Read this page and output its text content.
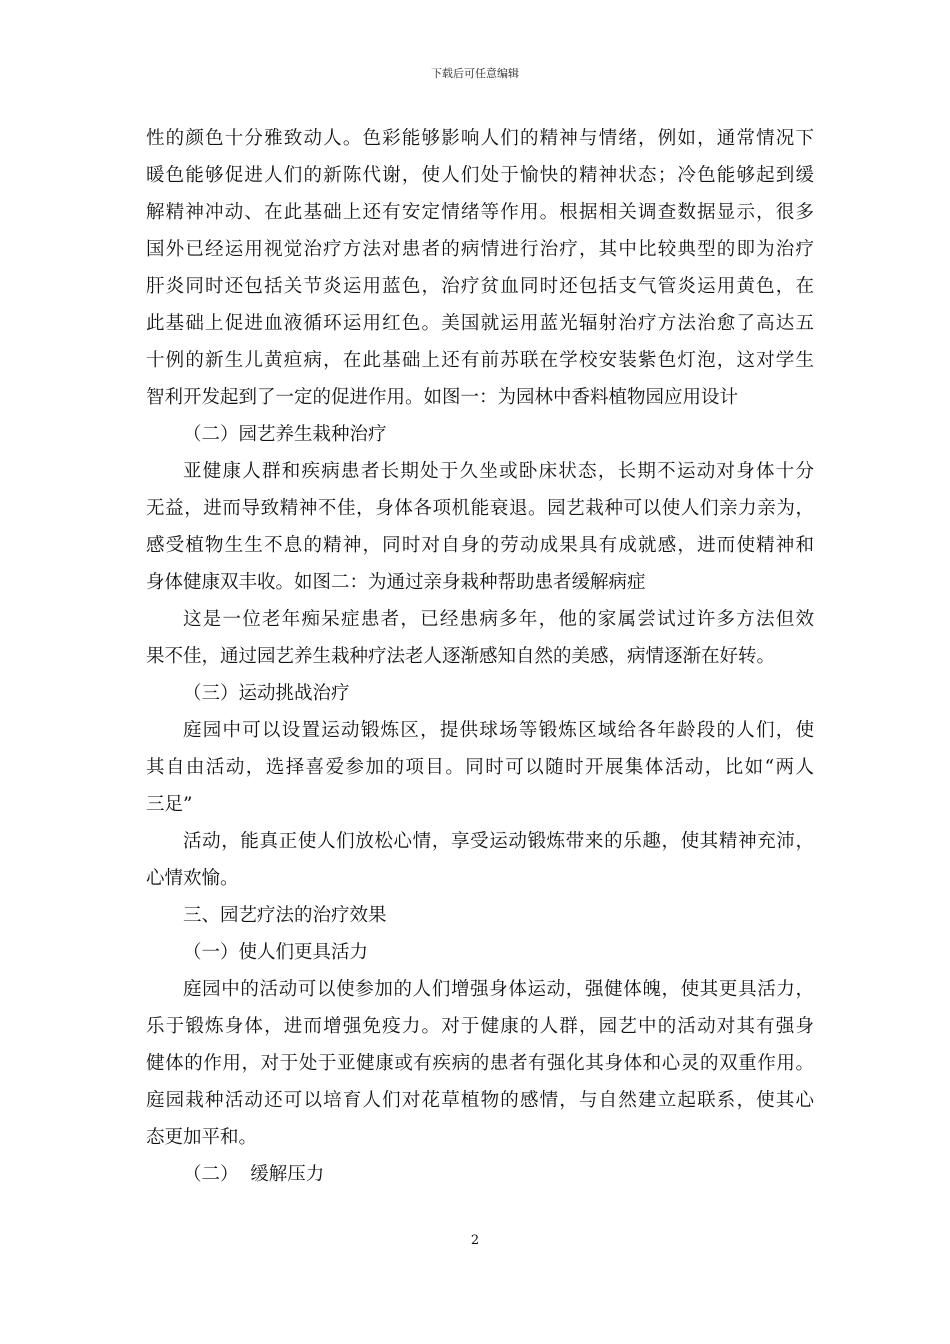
下载后可任意编辑
性的颜色十分雅致动人。色彩能够影响人们的精神与情绪，例如，通常情况下
暖色能够促进人们的新陈代谢，使人们处于愉快的精神状态；冷色能够起到缓
解精神冲动、在此基础上还有安定情绪等作用。根据相关调查数据显示，很多
国外已经运用视觉治疗方法对患者的病情进行治疗，其中比较典型的即为治疗
肝炎同时还包括关节炎运用蓝色，治疗贫血同时还包括支气管炎运用黄色，在
此基础上促进血液循环运用红色。美国就运用蓝光辐射治疗方法治愈了高达五
十例的新生儿黄疸病，在此基础上还有前苏联在学校安装紫色灯泡，这对学生
智利开发起到了一定的促进作用。如图一：为园林中香料植物园应用设计
（二）园艺养生栽种治疗
亚健康人群和疾病患者长期处于久坐或卧床状态，长期不运动对身体十分
无益，进而导致精神不佳，身体各项机能衰退。园艺栽种可以使人们亲力亲为，
感受植物生生不息的精神，同时对自身的劳动成果具有成就感，进而使精神和
身体健康双丰收。如图二：为通过亲身栽种帮助患者缓解病症
这是一位老年痴呆症患者，已经患病多年，他的家属尝试过许多方法但效
果不佳，通过园艺养生栽种疗法老人逐渐感知自然的美感，病情逐渐在好转。
（三）运动挑战治疗
庭园中可以设置运动锻炼区，提供球场等锻炼区域给各年龄段的人们，使
其自由活动，选择喜爱参加的项目。同时可以随时开展集体活动，比如“两人
三足”
活动，能真正使人们放松心情，享受运动锻炼带来的乐趣，使其精神充沛，
心情欢愉。
三、园艺疗法的治疗效果
（一）使人们更具活力
庭园中的活动可以使参加的人们增强身体运动，强健体魄，使其更具活力，
乐于锻炼身体，进而增强免疫力。对于健康的人群，园艺中的活动对其有强身
健体的作用，对于处于亚健康或有疾病的患者有强化其身体和心灵的双重作用。
庭园栽种活动还可以培育人们对花草植物的感情，与自然建立起联系，使其心
态更加平和。
（二）  缓解压力
2
